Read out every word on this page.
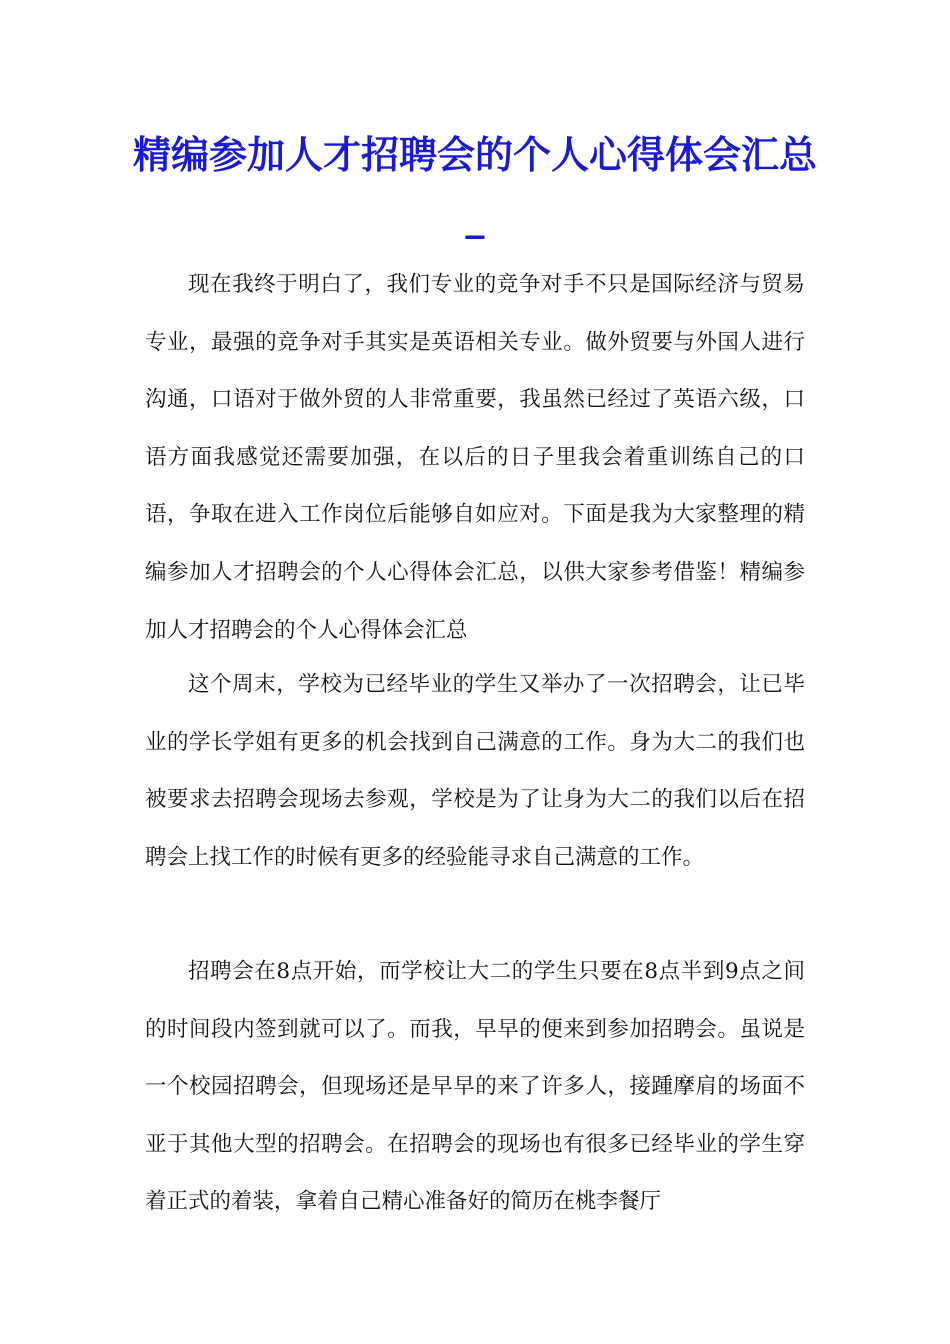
精编参加人才招聘会的个人心得体会汇总_

现在我终于明白了，我们专业的竞争对手不只是国际经济与贸易专业，最强的竞争对手其实是英语相关专业。做外贸要与外国人进行沟通，口语对于做外贸的人非常重要，我虽然已经过了英语六级，口语方面我感觉还需要加强，在以后的日子里我会着重训练自己的口语，争取在进入工作岗位后能够自如应对。下面是我为大家整理的精编参加人才招聘会的个人心得体会汇总，以供大家参考借鉴！精编参加人才招聘会的个人心得体会汇总

这个周末，学校为已经毕业的学生又举办了一次招聘会，让已毕业的学长学姐有更多的机会找到自己满意的工作。身为大二的我们也被要求去招聘会现场去参观，学校是为了让身为大二的我们以后在招聘会上找工作的时候有更多的经验能寻求自己满意的工作。

招聘会在8点开始，而学校让大二的学生只要在8点半到9点之间的时间段内签到就可以了。而我，早早的便来到参加招聘会。虽说是一个校园招聘会，但现场还是早早的来了许多人，接踵摩肩的场面不亚于其他大型的招聘会。在招聘会的现场也有很多已经毕业的学生穿着正式的着装，拿着自己精心准备好的简历在桃李餐厅
